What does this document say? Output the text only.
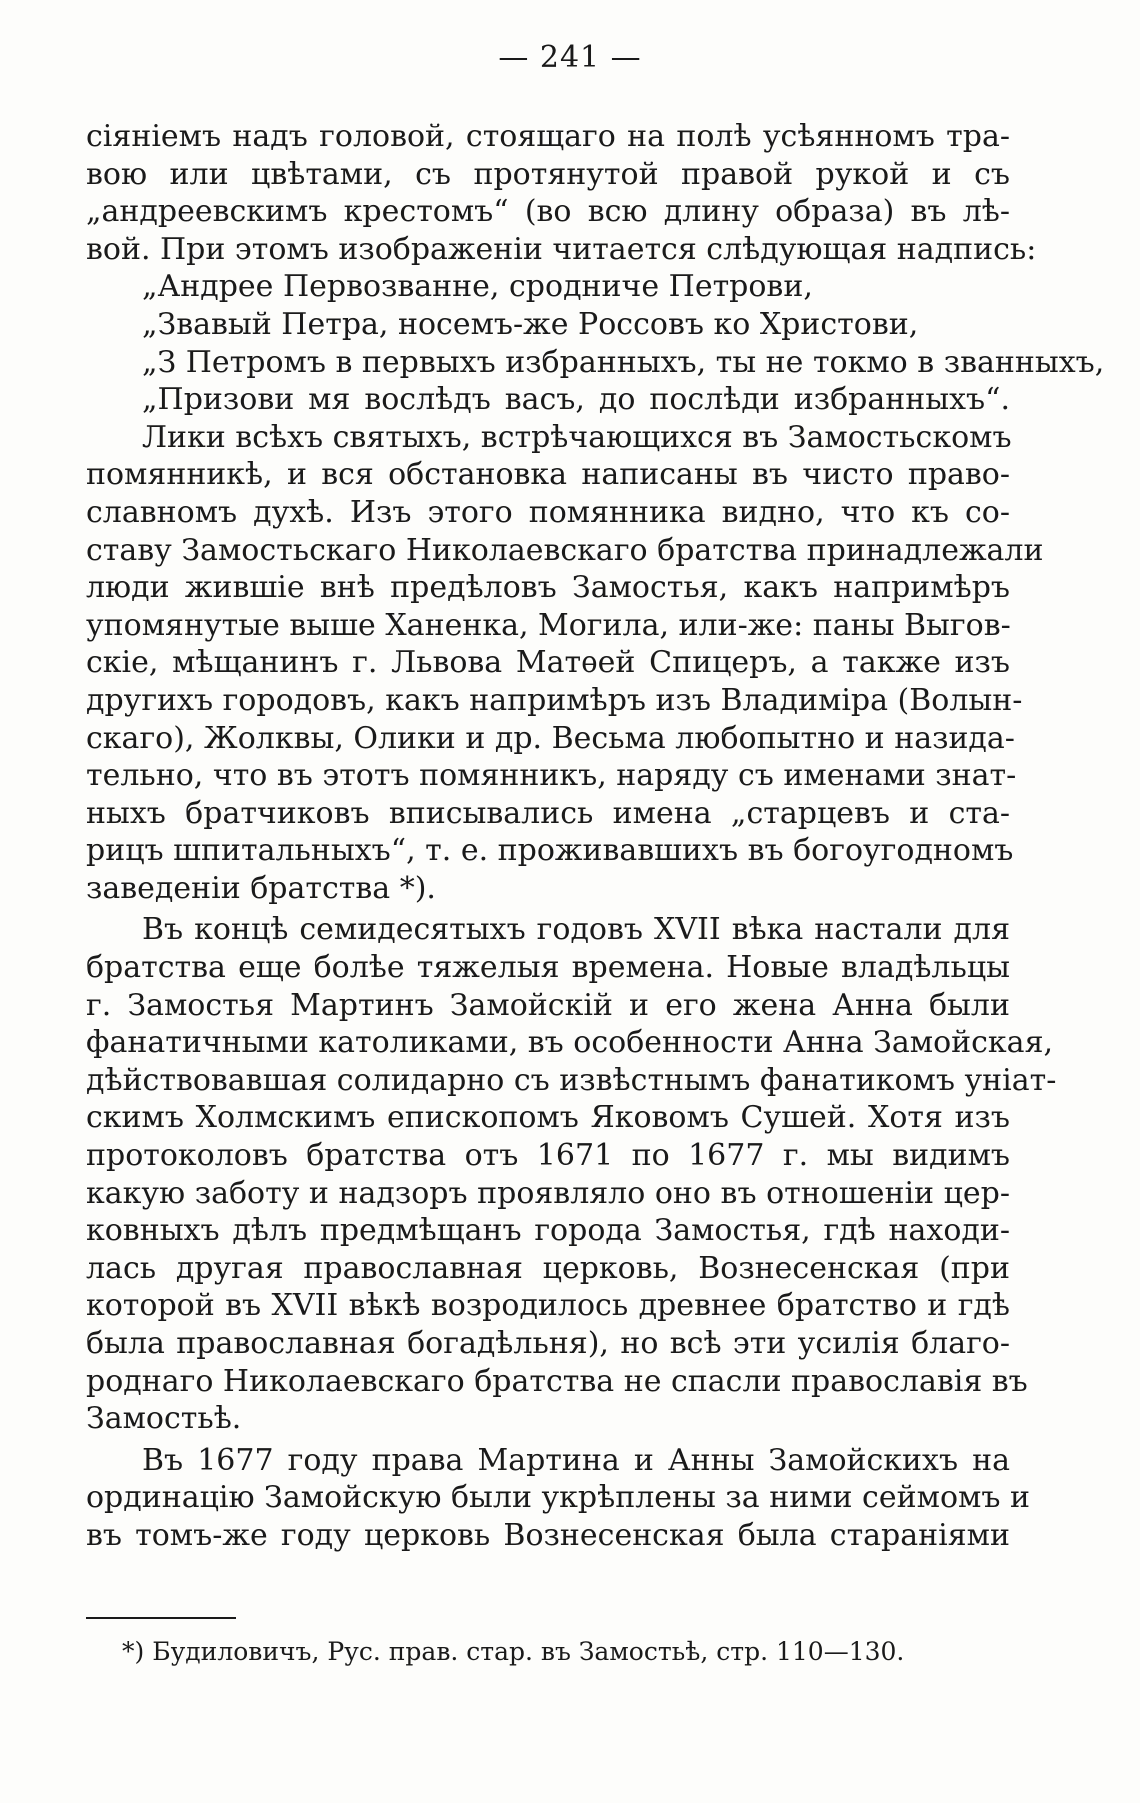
— 241 —
сіяніемъ надъ головой, стоящаго на полѣ усѣянномъ тра-
вою или цвѣтами, съ протянутой правой рукой и съ
„андреевскимъ крестомъ“ (во всю длину образа) въ лѣ-
вой. При этомъ изображеніи читается слѣдующая надпись:
„Андрее Первозванне, сродниче Петрови,
„Звавый Петра, носемъ-же Россовъ ко Христови,
„З Петромъ в первыхъ избранныхъ, ты не токмо в званныхъ,
„Призови мя вослѣдъ васъ, до послѣди избранныхъ“.
Лики всѣхъ святыхъ, встрѣчающихся въ Замостьскомъ
помянникѣ, и вся обстановка написаны въ чисто право-
славномъ духѣ. Изъ этого помянника видно, что къ со-
ставу Замостьскаго Николаевскаго братства принадлежали
люди жившіе внѣ предѣловъ Замостья, какъ напримѣръ
упомянутые выше Ханенка, Могила, или-же: паны Выгов-
скіе, мѣщанинъ г. Львова Матѳей Спицеръ, а также изъ
другихъ городовъ, какъ напримѣръ изъ Владиміра (Волын-
скаго), Жолквы, Олики и др. Весьма любопытно и назида-
тельно, что въ этотъ помянникъ, наряду съ именами знат-
ныхъ братчиковъ вписывались имена „старцевъ и ста-
рицъ шпитальныхъ“, т. е. проживавшихъ въ богоугодномъ
заведеніи братства *).
Въ концѣ семидесятыхъ годовъ XVII вѣка настали для
братства еще болѣе тяжелыя времена. Новые владѣльцы
г. Замостья Мартинъ Замойскій и его жена Анна были
фанатичными католиками, въ особенности Анна Замойская,
дѣйствовавшая солидарно съ извѣстнымъ фанатикомъ уніат-
скимъ Холмскимъ епископомъ Яковомъ Сушей. Хотя изъ
протоколовъ братства отъ 1671 по 1677 г. мы видимъ
какую заботу и надзоръ проявляло оно въ отношеніи цер-
ковныхъ дѣлъ предмѣщанъ города Замостья, гдѣ находи-
лась другая православная церковь, Вознесенская (при
которой въ XVII вѣкѣ возродилось древнее братство и гдѣ
была православная богадѣльня), но всѣ эти усилія благо-
роднаго Николаевскаго братства не спасли православія въ
Замостьѣ.
Въ 1677 году права Мартина и Анны Замойскихъ на
ординацію Замойскую были укрѣплены за ними сеймомъ и
въ томъ-же году церковь Вознесенская была стараніями
*) Будиловичъ, Рус. прав. стар. въ Замостьѣ, стр. 110—130.
